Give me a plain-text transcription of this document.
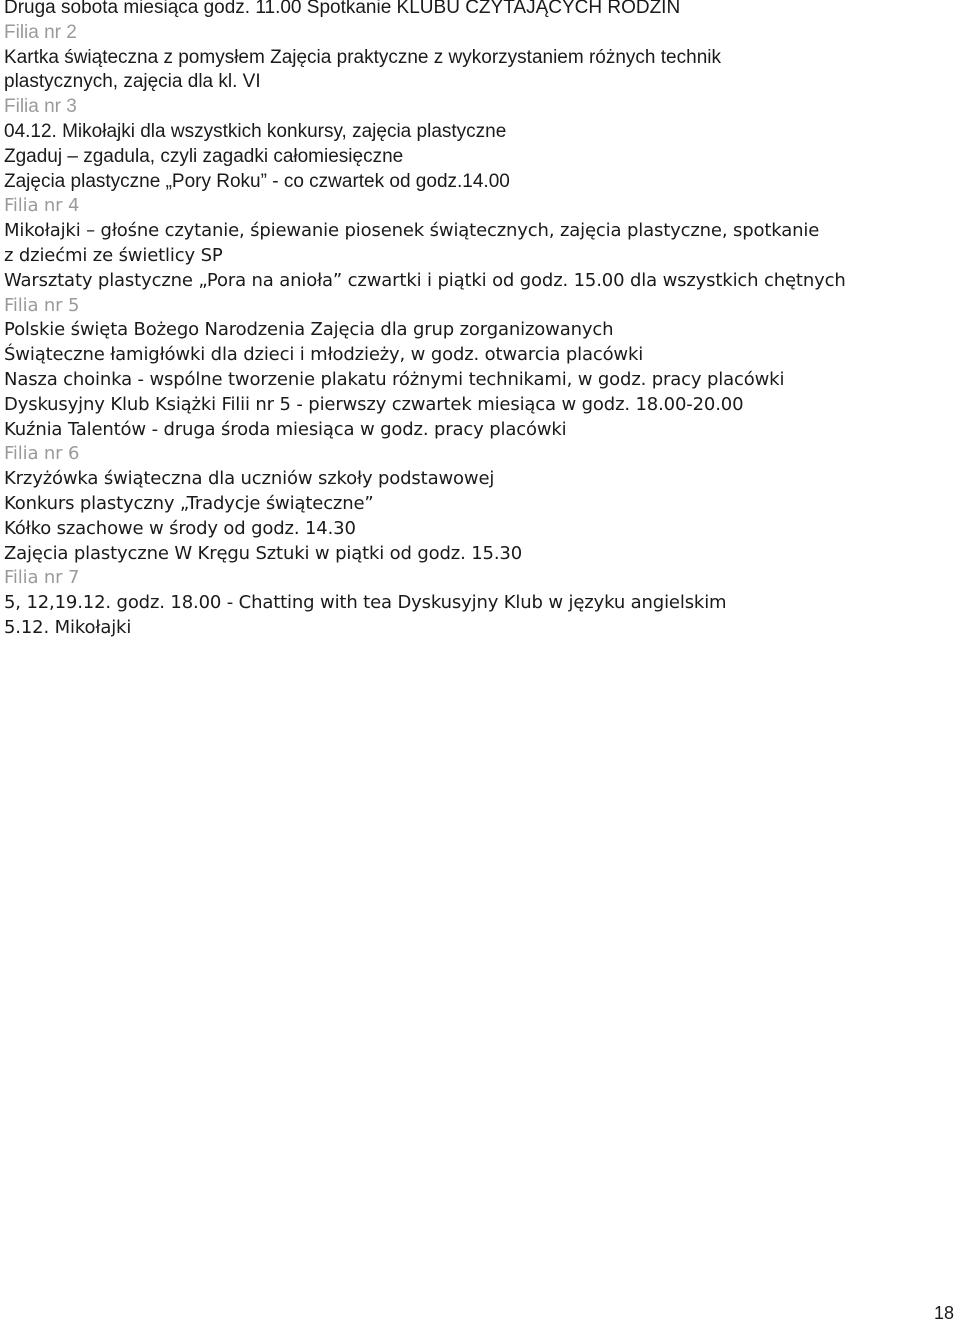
Druga sobota miesiąca godz. 11.00 Spotkanie KLUBU CZYTAJĄCYCH RODZIN
Filia nr 2
Kartka świąteczna z pomysłem Zajęcia praktyczne z wykorzystaniem różnych technik
plastycznych, zajęcia dla kl. VI
Filia nr 3
04.12. Mikołajki dla wszystkich konkursy, zajęcia plastyczne
Zgaduj – zgadula, czyli zagadki całomiesięczne
Zajęcia plastyczne „Pory Roku” - co czwartek od godz.14.00
Filia nr 4
Mikołajki – głośne czytanie, śpiewanie piosenek świątecznych, zajęcia plastyczne, spotkanie
z dziećmi ze świetlicy SP
Warsztaty plastyczne „Pora na anioła” czwartki i piątki od godz. 15.00 dla wszystkich chętnych
Filia nr 5
Polskie święta Bożego Narodzenia Zajęcia dla grup zorganizowanych
Świąteczne łamigłówki dla dzieci i młodzieży, w godz. otwarcia placówki
Nasza choinka - wspólne tworzenie plakatu różnymi technikami, w godz. pracy placówki
Dyskusyjny Klub Książki Filii nr 5 - pierwszy czwartek miesiąca w godz. 18.00-20.00
Kuźnia Talentów - druga środa miesiąca w godz. pracy placówki
Filia nr 6
Krzyżówka świąteczna dla uczniów szkoły podstawowej
Konkurs plastyczny „Tradycje świąteczne”
Kółko szachowe w środy od godz. 14.30
Zajęcia plastyczne W Kręgu Sztuki w piątki od godz. 15.30
Filia nr 7
5, 12,19.12. godz. 18.00 - Chatting with tea Dyskusyjny Klub w języku angielskim
5.12. Mikołajki
18
